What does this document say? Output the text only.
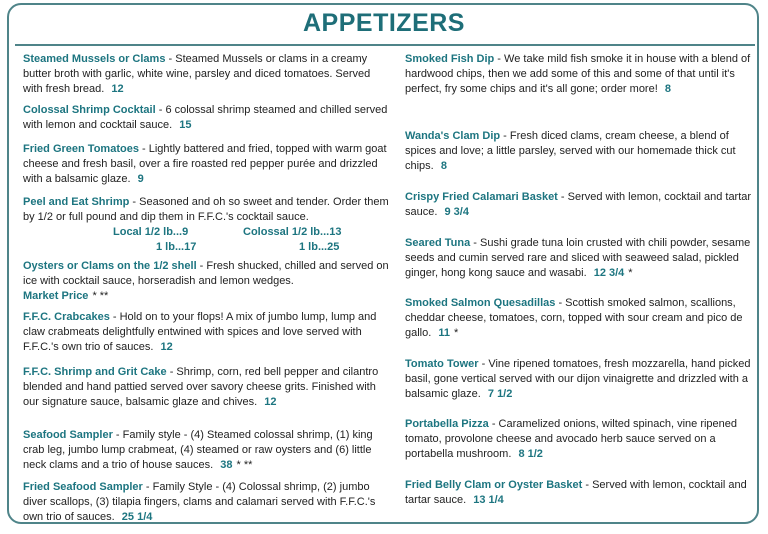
APPETIZERS
Steamed Mussels or Clams - Steamed Mussels or clams in a creamy butter broth with garlic, white wine, parsley and diced tomatoes. Served with fresh bread. 12
Colossal Shrimp Cocktail - 6 colossal shrimp steamed and chilled served with lemon and cocktail sauce. 15
Fried Green Tomatoes - Lightly battered and fried, topped with warm goat cheese and fresh basil, over a fire roasted red pepper purée and drizzled with a balsamic glaze. 9
Peel and Eat Shrimp - Seasoned and oh so sweet and tender. Order them by 1/2 or full pound and dip them in F.F.C.'s cocktail sauce.

Local 1/2 lb...9
1 lb...17
Colossal 1/2 lb...13
1 lb...25
Oysters or Clams on the 1/2 shell - Fresh shucked, chilled and served on ice with cocktail sauce, horseradish and lemon wedges.
Market Price * **
F.F.C. Crabcakes - Hold on to your flops! A mix of jumbo lump, lump and claw crabmeats delightfully entwined with spices and love served with F.F.C.'s own trio of sauces. 12
F.F.C. Shrimp and Grit Cake - Shrimp, corn, red bell pepper and cilantro blended and hand pattied served over savory cheese grits. Finished with our signature sauce, balsamic glaze and chives. 12
Seafood Sampler - Family style - (4) Steamed colossal shrimp, (1) king crab leg, jumbo lump crabmeat, (4) steamed or raw oysters and (6) little neck clams and a trio of house sauces. 38 * **
Fried Seafood Sampler - Family Style - (4) Colossal shrimp, (2) jumbo diver scallops, (3) tilapia fingers, clams and calamari served with F.F.C.'s own trio of sauces. 25 1/4
Smoked Fish Dip - We take mild fish smoke it in house with a blend of hardwood chips, then we add some of this and some of that until it's perfect, fry some chips and it's all gone; order more! 8
Wanda's Clam Dip - Fresh diced clams, cream cheese, a blend of spices and love; a little parsley, served with our homemade thick cut chips. 8
Crispy Fried Calamari Basket - Served with lemon, cocktail and tartar sauce. 9 3/4
Seared Tuna - Sushi grade tuna loin crusted with chili powder, sesame seeds and cumin served rare and sliced with seaweed salad, pickled ginger, hong kong sauce and wasabi. 12 3/4 *
Smoked Salmon Quesadillas - Scottish smoked salmon, scallions, cheddar cheese, tomatoes, corn, topped with sour cream and pico de gallo. 11 *
Tomato Tower - Vine ripened tomatoes, fresh mozzarella, hand picked basil, gone vertical served with our dijon vinaigrette and drizzled with a balsamic glaze. 7 1/2
Portabella Pizza - Caramelized onions, wilted spinach, vine ripened tomato, provolone cheese and avocado herb sauce served on a portabella mushroom. 8 1/2
Fried Belly Clam or Oyster Basket - Served with lemon, cocktail and tartar sauce. 13 1/4
